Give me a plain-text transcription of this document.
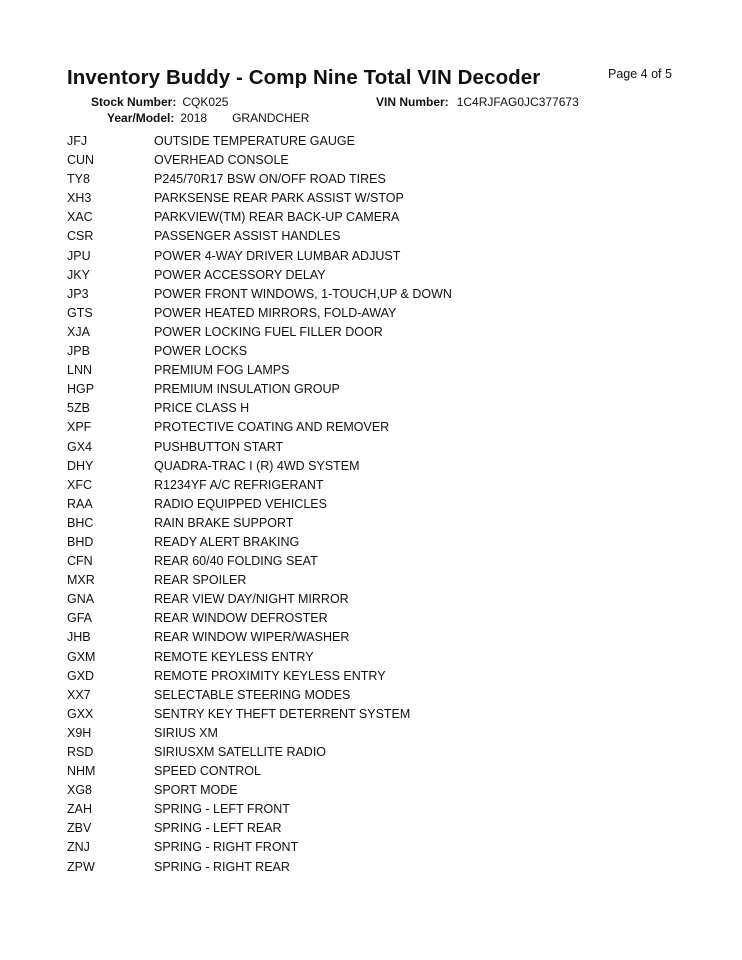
Inventory Buddy - Comp Nine Total VIN Decoder	Page 4 of 5
Stock Number: CQK025	VIN Number: 1C4RJFAG0JC377673
Year/Model: 2018 GRANDCHER
JFJ	OUTSIDE TEMPERATURE GAUGE
CUN	OVERHEAD CONSOLE
TY8	P245/70R17 BSW ON/OFF ROAD TIRES
XH3	PARKSENSE REAR PARK ASSIST W/STOP
XAC	PARKVIEW(TM) REAR BACK-UP CAMERA
CSR	PASSENGER ASSIST HANDLES
JPU	POWER 4-WAY DRIVER LUMBAR ADJUST
JKY	POWER ACCESSORY DELAY
JP3	POWER FRONT WINDOWS, 1-TOUCH,UP & DOWN
GTS	POWER HEATED MIRRORS, FOLD-AWAY
XJA	POWER LOCKING FUEL FILLER DOOR
JPB	POWER LOCKS
LNN	PREMIUM FOG LAMPS
HGP	PREMIUM INSULATION GROUP
5ZB	PRICE CLASS H
XPF	PROTECTIVE COATING AND REMOVER
GX4	PUSHBUTTON START
DHY	QUADRA-TRAC I (R) 4WD SYSTEM
XFC	R1234YF A/C REFRIGERANT
RAA	RADIO EQUIPPED VEHICLES
BHC	RAIN BRAKE SUPPORT
BHD	READY ALERT BRAKING
CFN	REAR 60/40 FOLDING SEAT
MXR	REAR SPOILER
GNA	REAR VIEW DAY/NIGHT MIRROR
GFA	REAR WINDOW DEFROSTER
JHB	REAR WINDOW WIPER/WASHER
GXM	REMOTE KEYLESS ENTRY
GXD	REMOTE PROXIMITY KEYLESS ENTRY
XX7	SELECTABLE STEERING MODES
GXX	SENTRY KEY THEFT DETERRENT SYSTEM
X9H	SIRIUS XM
RSD	SIRIUSXM SATELLITE RADIO
NHM	SPEED CONTROL
XG8	SPORT MODE
ZAH	SPRING - LEFT FRONT
ZBV	SPRING - LEFT REAR
ZNJ	SPRING - RIGHT FRONT
ZPW	SPRING - RIGHT REAR
